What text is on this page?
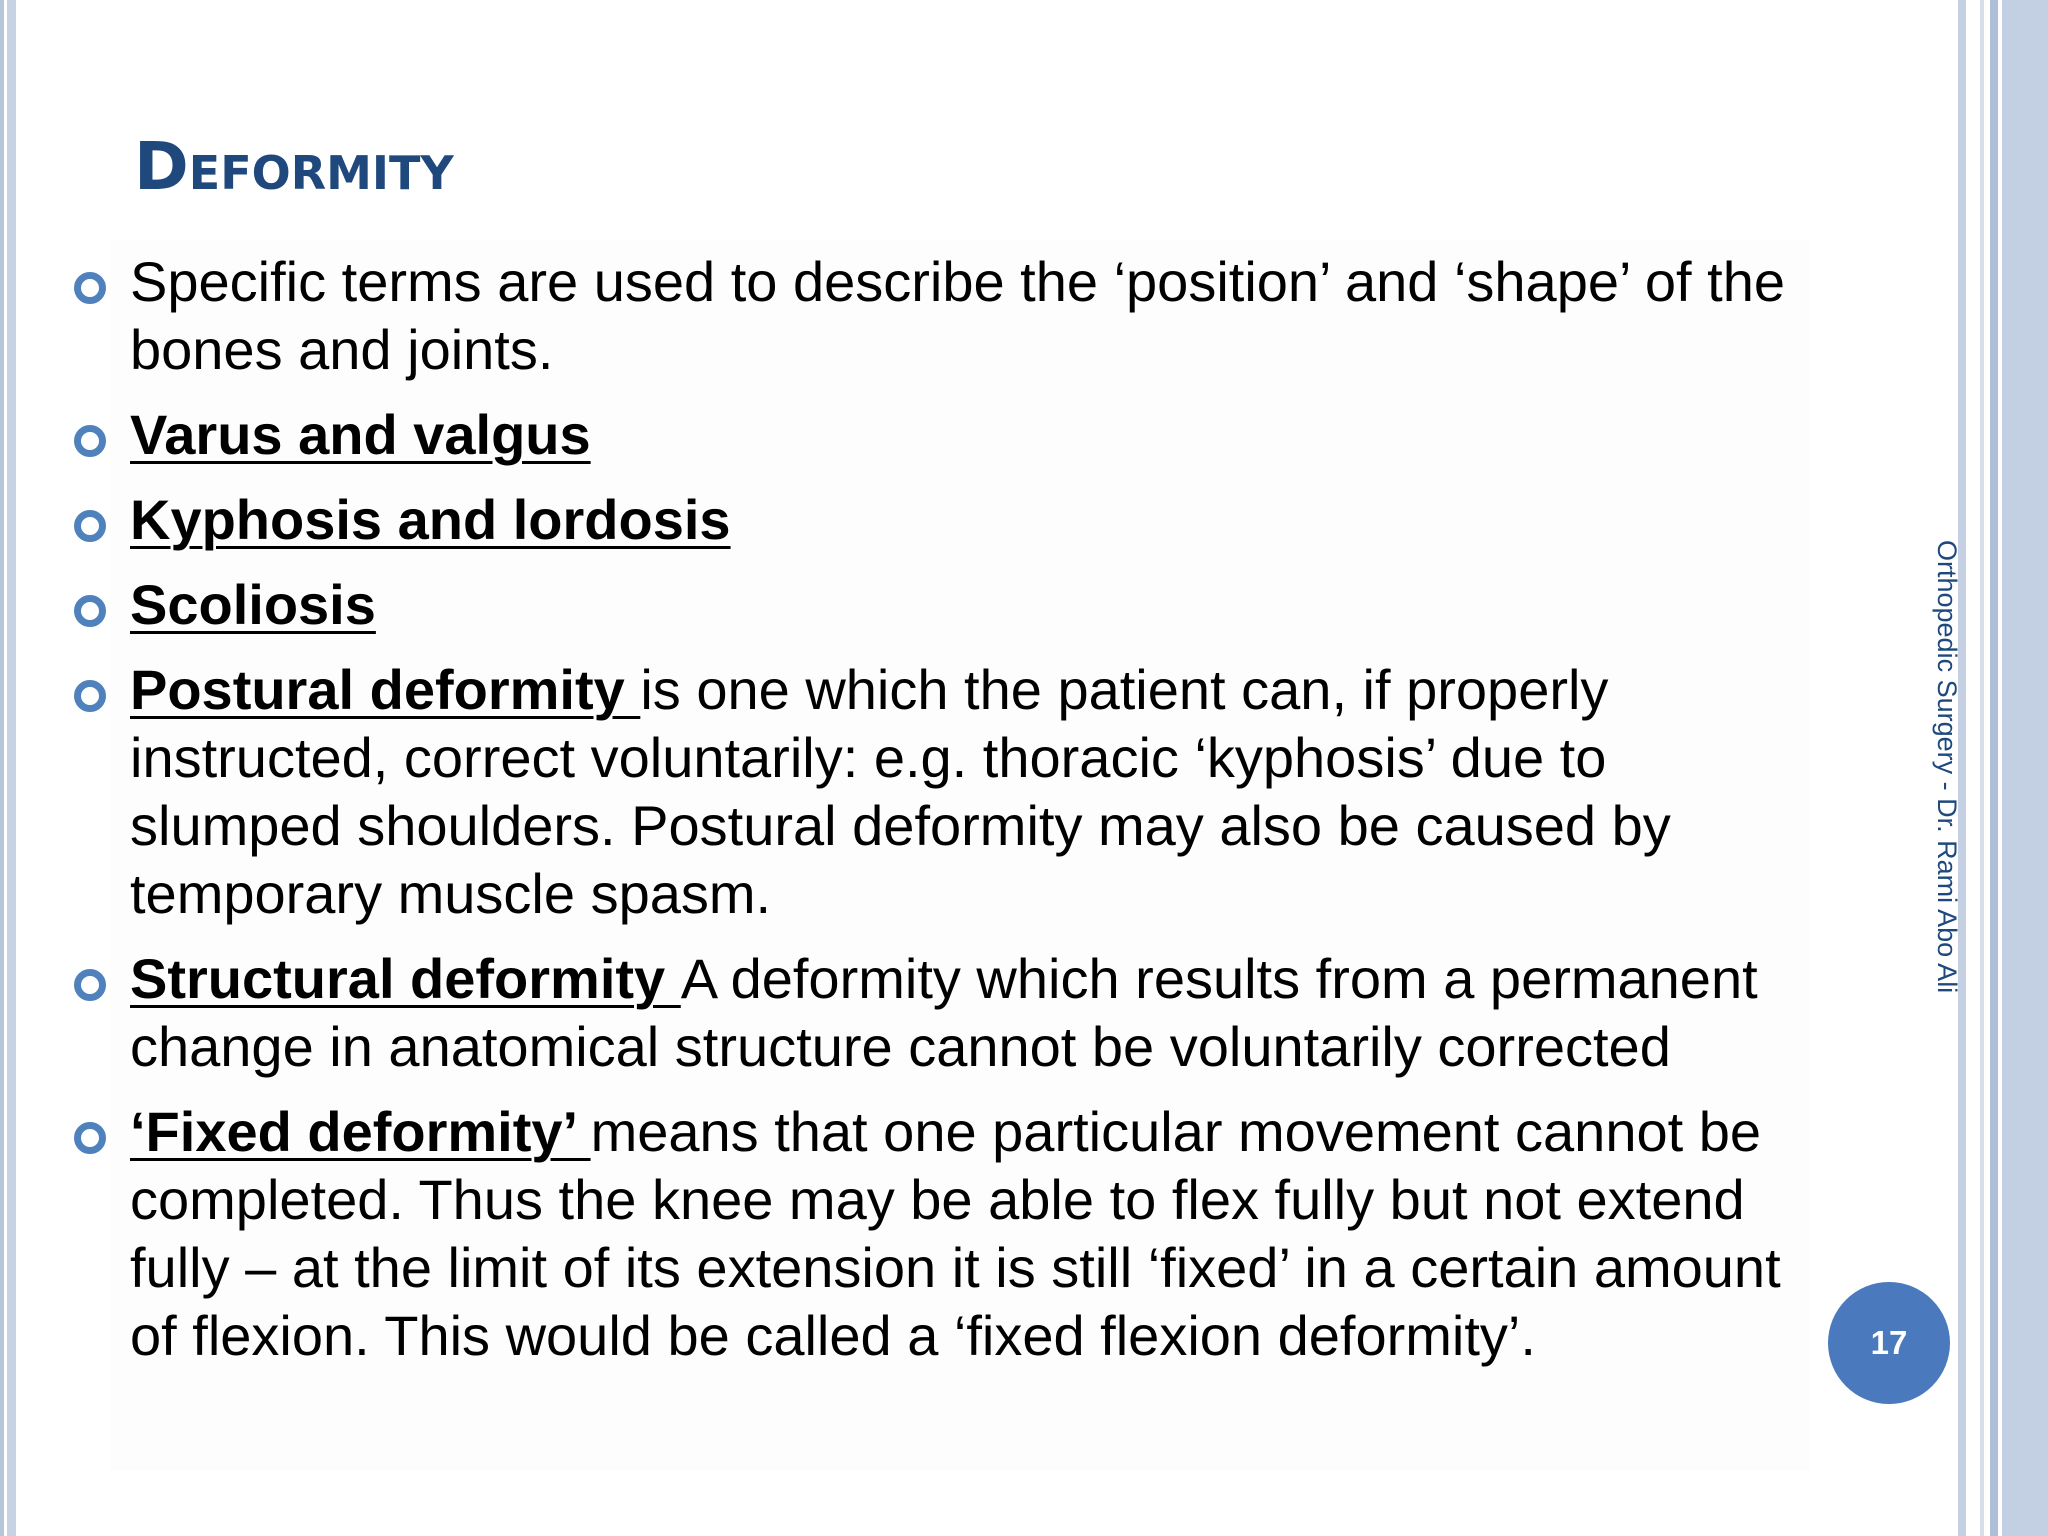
Deformity
Specific terms are used to describe the ‘position’ and ‘shape’ of the bones and joints.
Varus and valgus
Kyphosis and lordosis
Scoliosis
Postural deformity is one which the patient can, if properly instructed, correct voluntarily: e.g. thoracic ‘kyphosis’ due to slumped shoulders. Postural deformity may also be caused by temporary muscle spasm.
Structural deformity A deformity which results from a permanent change in anatomical structure cannot be voluntarily corrected
‘Fixed deformity’ means that one particular movement cannot be completed. Thus the knee may be able to flex fully but not extend fully – at the limit of its extension it is still ‘fixed’ in a certain amount of flexion. This would be called a ‘fixed flexion deformity’.
Orthopedic Surgery - Dr. Rami Abo Ali
17
